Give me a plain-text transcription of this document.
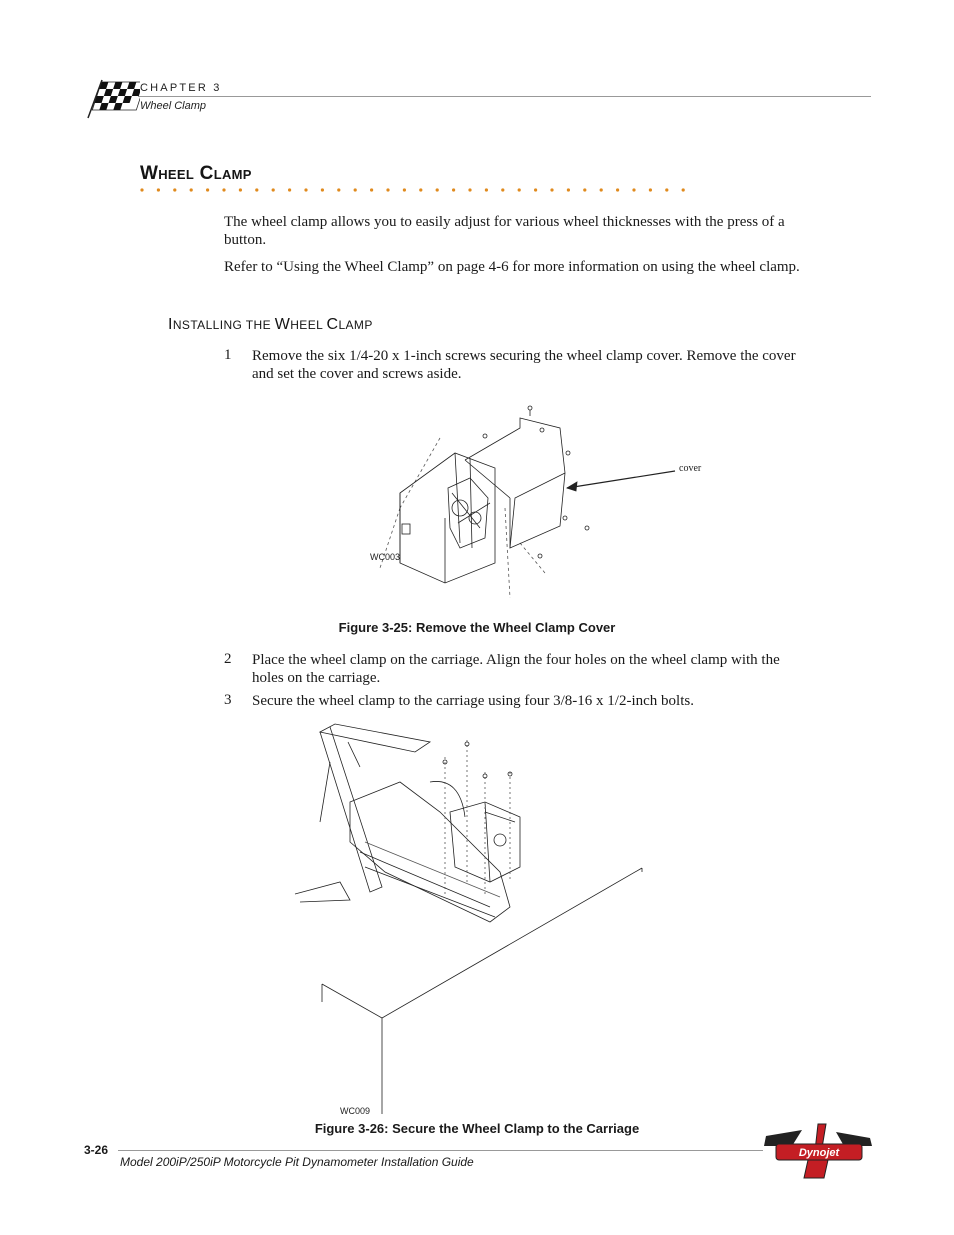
CHAPTER 3
Wheel Clamp
Wheel Clamp
The wheel clamp allows you to easily adjust for various wheel thicknesses with the press of a button.
Refer to “Using the Wheel Clamp” on page 4-6 for more information on using the wheel clamp.
INSTALLING THE WHEEL CLAMP
1 Remove the six 1/4-20 x 1-inch screws securing the wheel clamp cover. Remove the cover and set the cover and screws aside.
cover
WC003
Figure 3-25: Remove the Wheel Clamp Cover
2 Place the wheel clamp on the carriage. Align the four holes on the wheel clamp with the holes on the carriage.
3 Secure the wheel clamp to the carriage using four 3/8-16 x 1/2-inch bolts.
WC009
Figure 3-26: Secure the Wheel Clamp to the Carriage
3-26
Model 200iP/250iP Motorcycle Pit Dynamometer Installation Guide
Dynojet
